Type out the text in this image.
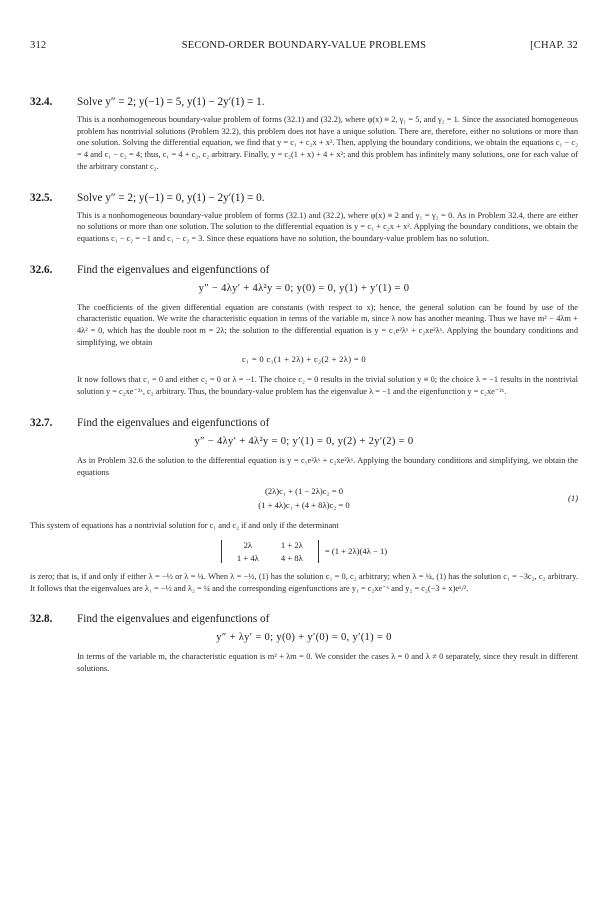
312	SECOND-ORDER BOUNDARY-VALUE PROBLEMS	[CHAP. 32
32.4. Solve y″ = 2; y(−1) = 5, y(1) − 2y′(1) = 1.
This is a nonhomogeneous boundary-value problem of forms (32.1) and (32.2), where φ(x) ≡ 2, γ₁ = 5, and γ₂ = 1. Since the associated homogeneous problem has nontrivial solutions (Problem 32.2), this problem does not have a unique solution. There are, therefore, either no solutions or more than one solution. Solving the differential equation, we find that y = c₁ + c₂x + x². Then, applying the boundary conditions, we obtain the equations c₁ − c₂ = 4 and c₁ − c₂ = 4; thus, c₁ = 4 + c₂, c₂ arbitrary. Finally, y = c₂(1 + x) + 4 + x²; and this problem has infinitely many solutions, one for each value of the arbitrary constant c₂.
32.5. Solve y″ = 2; y(−1) = 0, y(1) − 2y′(1) = 0.
This is a nonhomogeneous boundary-value problem of forms (32.1) and (32.2), where φ(x) ≡ 2 and γ₁ = γ₂ = 0. As in Problem 32.4, there are either no solutions or more than one solution. The solution to the differential equation is y = c₁ + c₂x + x². Applying the boundary conditions, we obtain the equations c₁ − c₂ = −1 and c₁ − c₂ = 3. Since these equations have no solution, the boundary-value problem has no solution.
32.6. Find the eigenvalues and eigenfunctions of
y″ − 4λy′ + 4λ²y = 0; y(0) = 0, y(1) + y′(1) = 0
The coefficients of the given differential equation are constants (with respect to x); hence, the general solution can be found by use of the characteristic equation. We write the characteristic equation in terms of the variable m, since λ now has another meaning. Thus we have m² − 4λm + 4λ² = 0, which has the double root m = 2λ; the solution to the differential equation is y = c₁e²λˣ + c₂xe²λˣ. Applying the boundary conditions and simplifying, we obtain
c₁ = 0 c₁(1 + 2λ) + c₂(2 + 2λ) = 0
It now follows that c₁ = 0 and either c₂ = 0 or λ = −1. The choice c₂ = 0 results in the trivial solution y ≡ 0; the choice λ = −1 results in the nontrivial solution y = c₂xe⁻²ˣ, c₂ arbitrary. Thus, the boundary-value problem has the eigenvalue λ = −1 and the eigenfunction y = c₂xe⁻²ˣ.
32.7. Find the eigenvalues and eigenfunctions of
y″ − 4λy′ + 4λ²y = 0; y′(1) = 0, y(2) + 2y′(2) = 0
As in Problem 32.6 the solution to the differential equation is y = c₁e²λˣ + c₂xe²λˣ. Applying the boundary conditions and simplifying, we obtain the equations
(2λ)c₁ + (1 − 2λ)c₂ = 0
(1 + 4λ)c₁ + (4 + 8λ)c₂ = 0
(1)
This system of equations has a nontrivial solution for c₁ and c₂ if and only if the determinant
2λ	1 + 2λ
1 + 4λ	4 + 8λ
= (1 + 2λ)(4λ − 1)
is zero; that is, if and only if either λ = −½ or λ = ¼. When λ = −½, (1) has the solution c₁ = 0, c₂ arbitrary; when λ = ¼, (1) has the solution c₁ = −3c₂, c₂ arbitrary. It follows that the eigenvalues are λ₁ = −½ and λ₂ = ¼ and the corresponding eigenfunctions are y₁ = c₂xe⁻ˣ and y₂ = c₂(−3 + x)eˣ/².
32.8. Find the eigenvalues and eigenfunctions of
y″ + λy′ = 0; y(0) + y′(0) = 0, y′(1) = 0
In terms of the variable m, the characteristic equation is m² + λm = 0. We consider the cases λ = 0 and λ ≠ 0 separately, since they result in different solutions.
